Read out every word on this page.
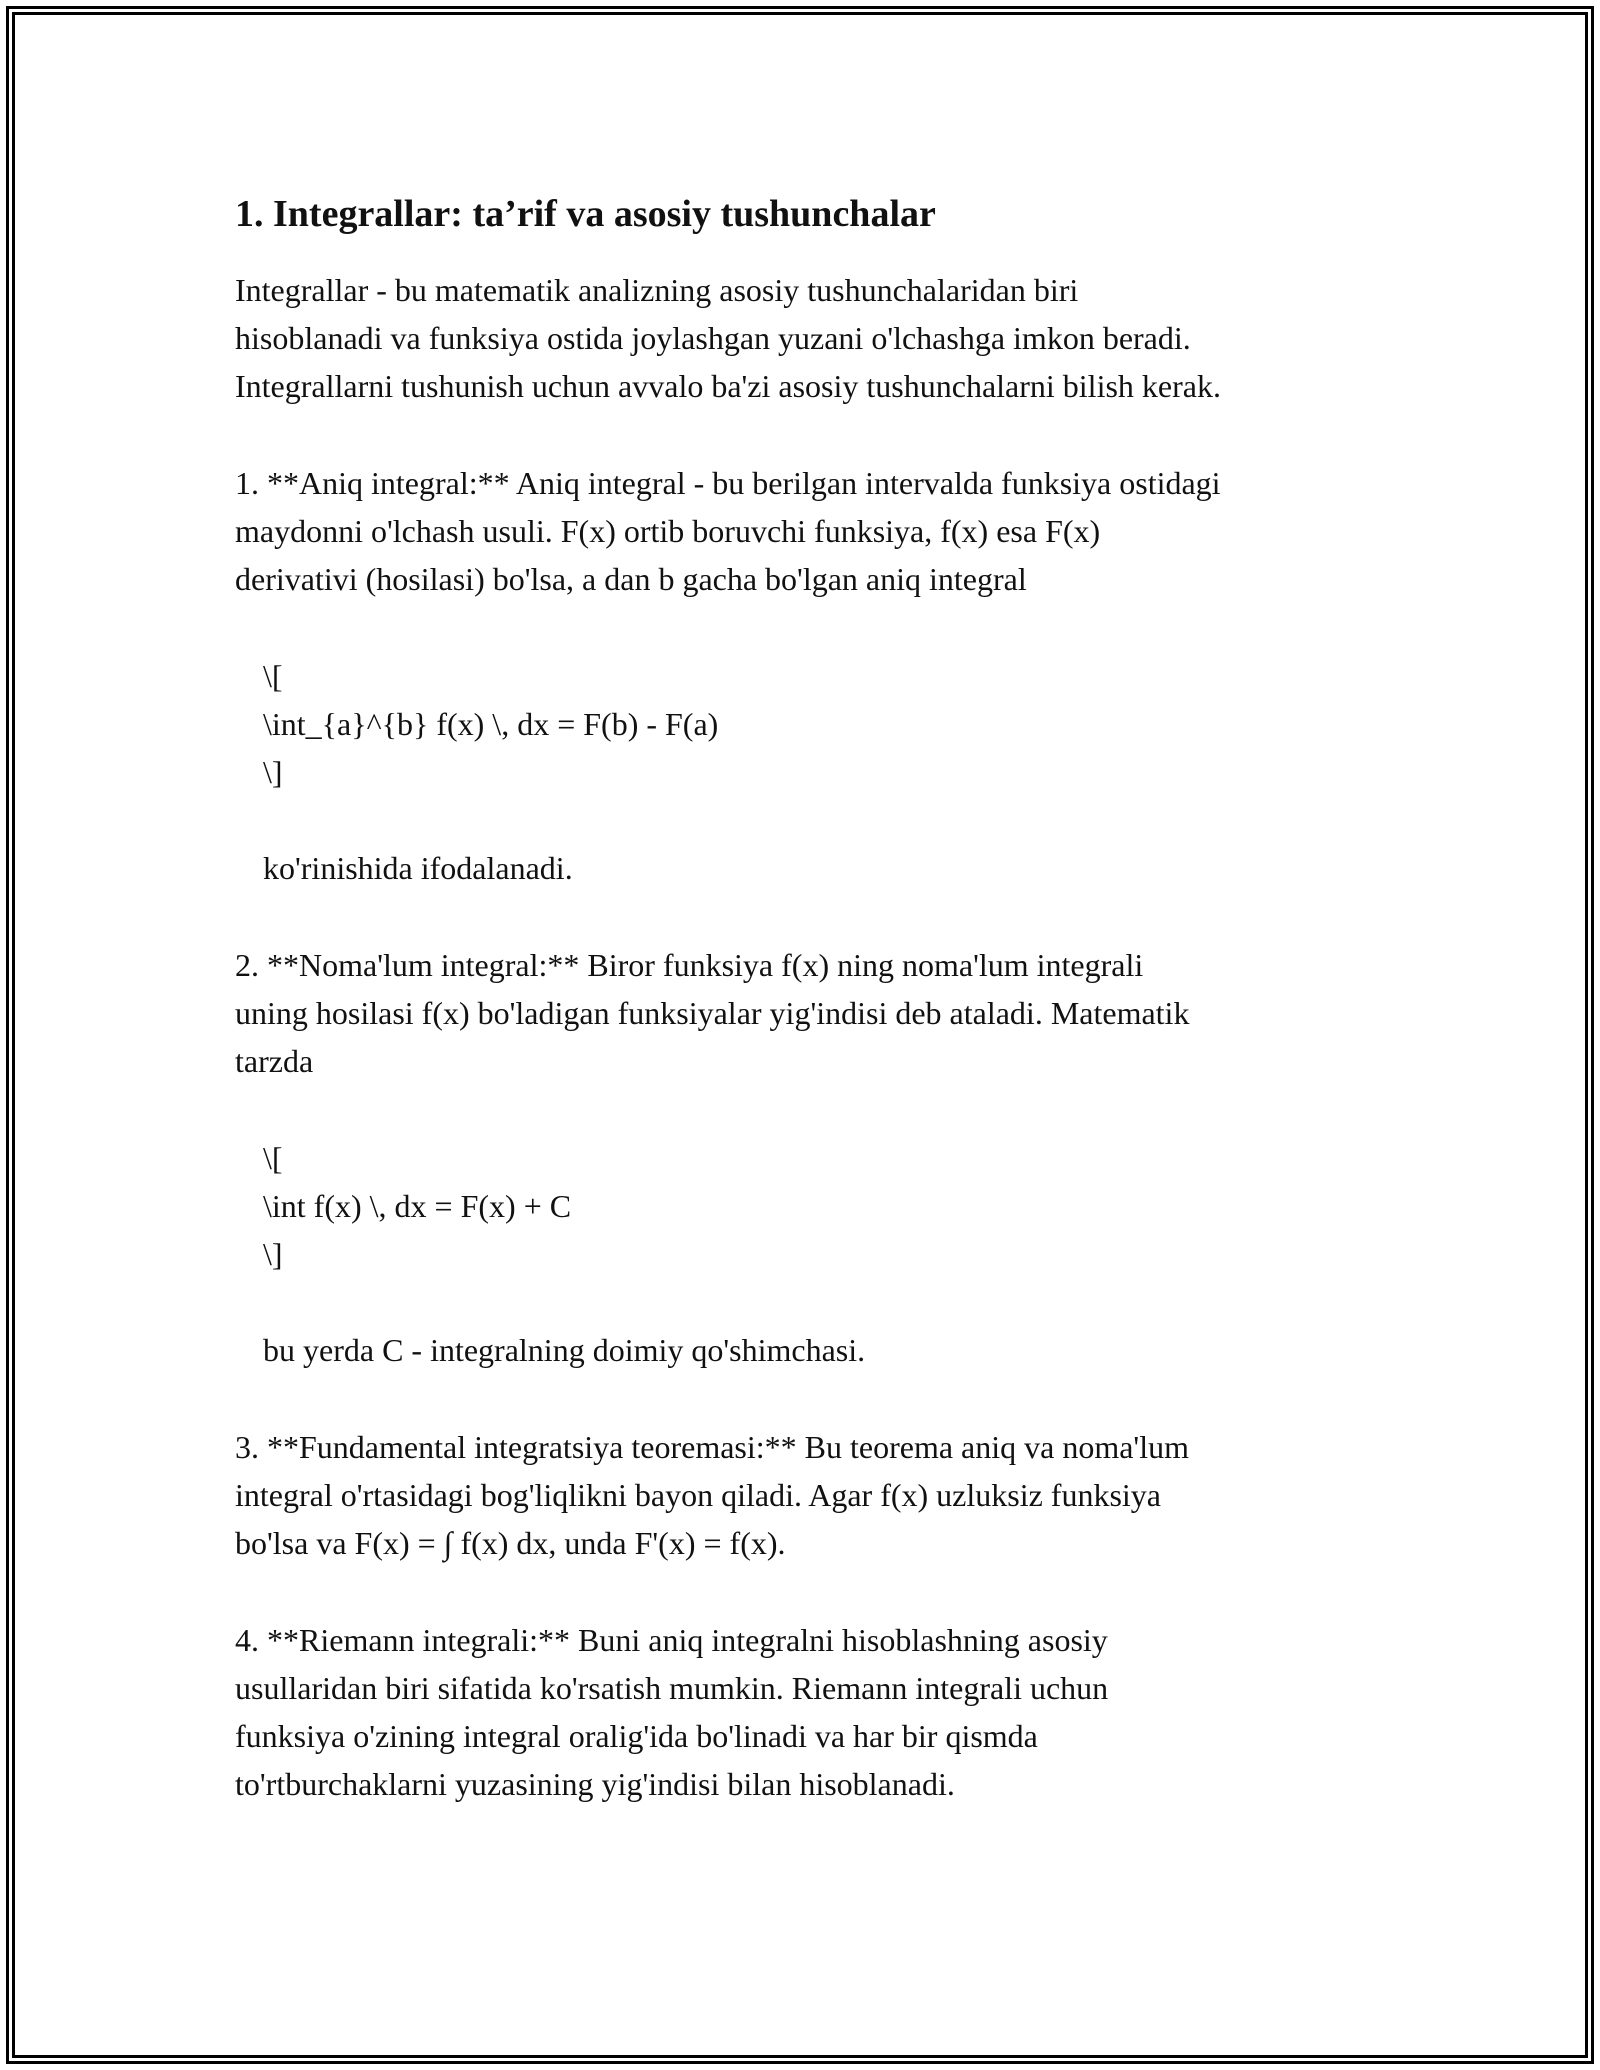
1. Integrallar: ta’rif va asosiy tushunchalar
Integrallar - bu matematik analizning asosiy tushunchalaridan biri
hisoblanadi va funksiya ostida joylashgan yuzani o'lchashga imkon beradi.
Integrallarni tushunish uchun avvalo ba'zi asosiy tushunchalarni bilish kerak.
1. **Aniq integral:** Aniq integral - bu berilgan intervalda funksiya ostidagi
maydonni o'lchash usuli. F(x) ortib boruvchi funksiya, f(x) esa F(x)
derivativi (hosilasi) bo'lsa, a dan b gacha bo'lgan aniq integral
\[
\int_{a}^{b} f(x) \, dx = F(b) - F(a)
\]
ko'rinishida ifodalanadi.
2. **Noma'lum integral:** Biror funksiya f(x) ning noma'lum integrali
uning hosilasi f(x) bo'ladigan funksiyalar yig'indisi deb ataladi. Matematik
tarzda
\[
\int f(x) \, dx = F(x) + C
\]
bu yerda C - integralning doimiy qo'shimchasi.
3. **Fundamental integratsiya teoremasi:** Bu teorema aniq va noma'lum
integral o'rtasidagi bog'liqlikni bayon qiladi. Agar f(x) uzluksiz funksiya
bo'lsa va F(x) = ∫ f(x) dx, unda F'(x) = f(x).
4. **Riemann integrali:** Buni aniq integralni hisoblashning asosiy
usullaridan biri sifatida ko'rsatish mumkin. Riemann integrali uchun
funksiya o'zining integral oralig'ida bo'linadi va har bir qismda
to'rtburchaklarni yuzasining yig'indisi bilan hisoblanadi.
